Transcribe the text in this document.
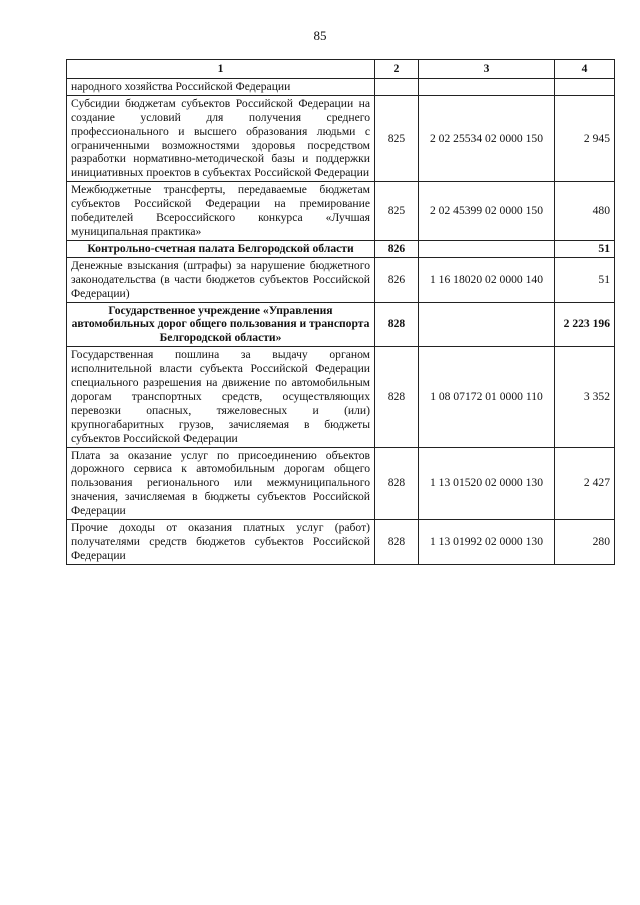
85
1	2	3	4
народного хозяйства Российской Федерации			
Субсидии бюджетам субъектов Российской Федерации на создание условий для получения среднего профессионального и высшего образования людьми с ограниченными возможностями здоровья посредством разработки нормативно-методической базы и поддержки инициативных проектов в субъектах Российской Федерации	825	2 02 25534 02 0000 150	2 945
Межбюджетные трансферты, передаваемые бюджетам субъектов Российской Федерации на премирование победителей Всероссийского конкурса «Лучшая муниципальная практика»	825	2 02 45399 02 0000 150	480
Контрольно-счетная палата Белгородской области	826		51
Денежные взыскания (штрафы) за нарушение бюджетного законодательства (в части бюджетов субъектов Российской Федерации)	826	1 16 18020 02 0000 140	51
Государственное учреждение «Управления автомобильных дорог общего пользования и транспорта Белгородской области»	828		2 223 196
Государственная пошлина за выдачу органом исполнительной власти субъекта Российской Федерации специального разрешения на движение по автомобильным дорогам транспортных средств, осуществляющих перевозки опасных, тяжеловесных и (или) крупногабаритных грузов, зачисляемая в бюджеты субъектов Российской Федерации	828	1 08 07172 01 0000 110	3 352
Плата за оказание услуг по присоединению объектов дорожного сервиса к автомобильным дорогам общего пользования регионального или межмуниципального значения, зачисляемая в бюджеты субъектов Российской Федерации	828	1 13 01520 02 0000 130	2 427
Прочие доходы от оказания платных услуг (работ) получателями средств бюджетов субъектов Российской Федерации	828	1 13 01992 02 0000 130	280
